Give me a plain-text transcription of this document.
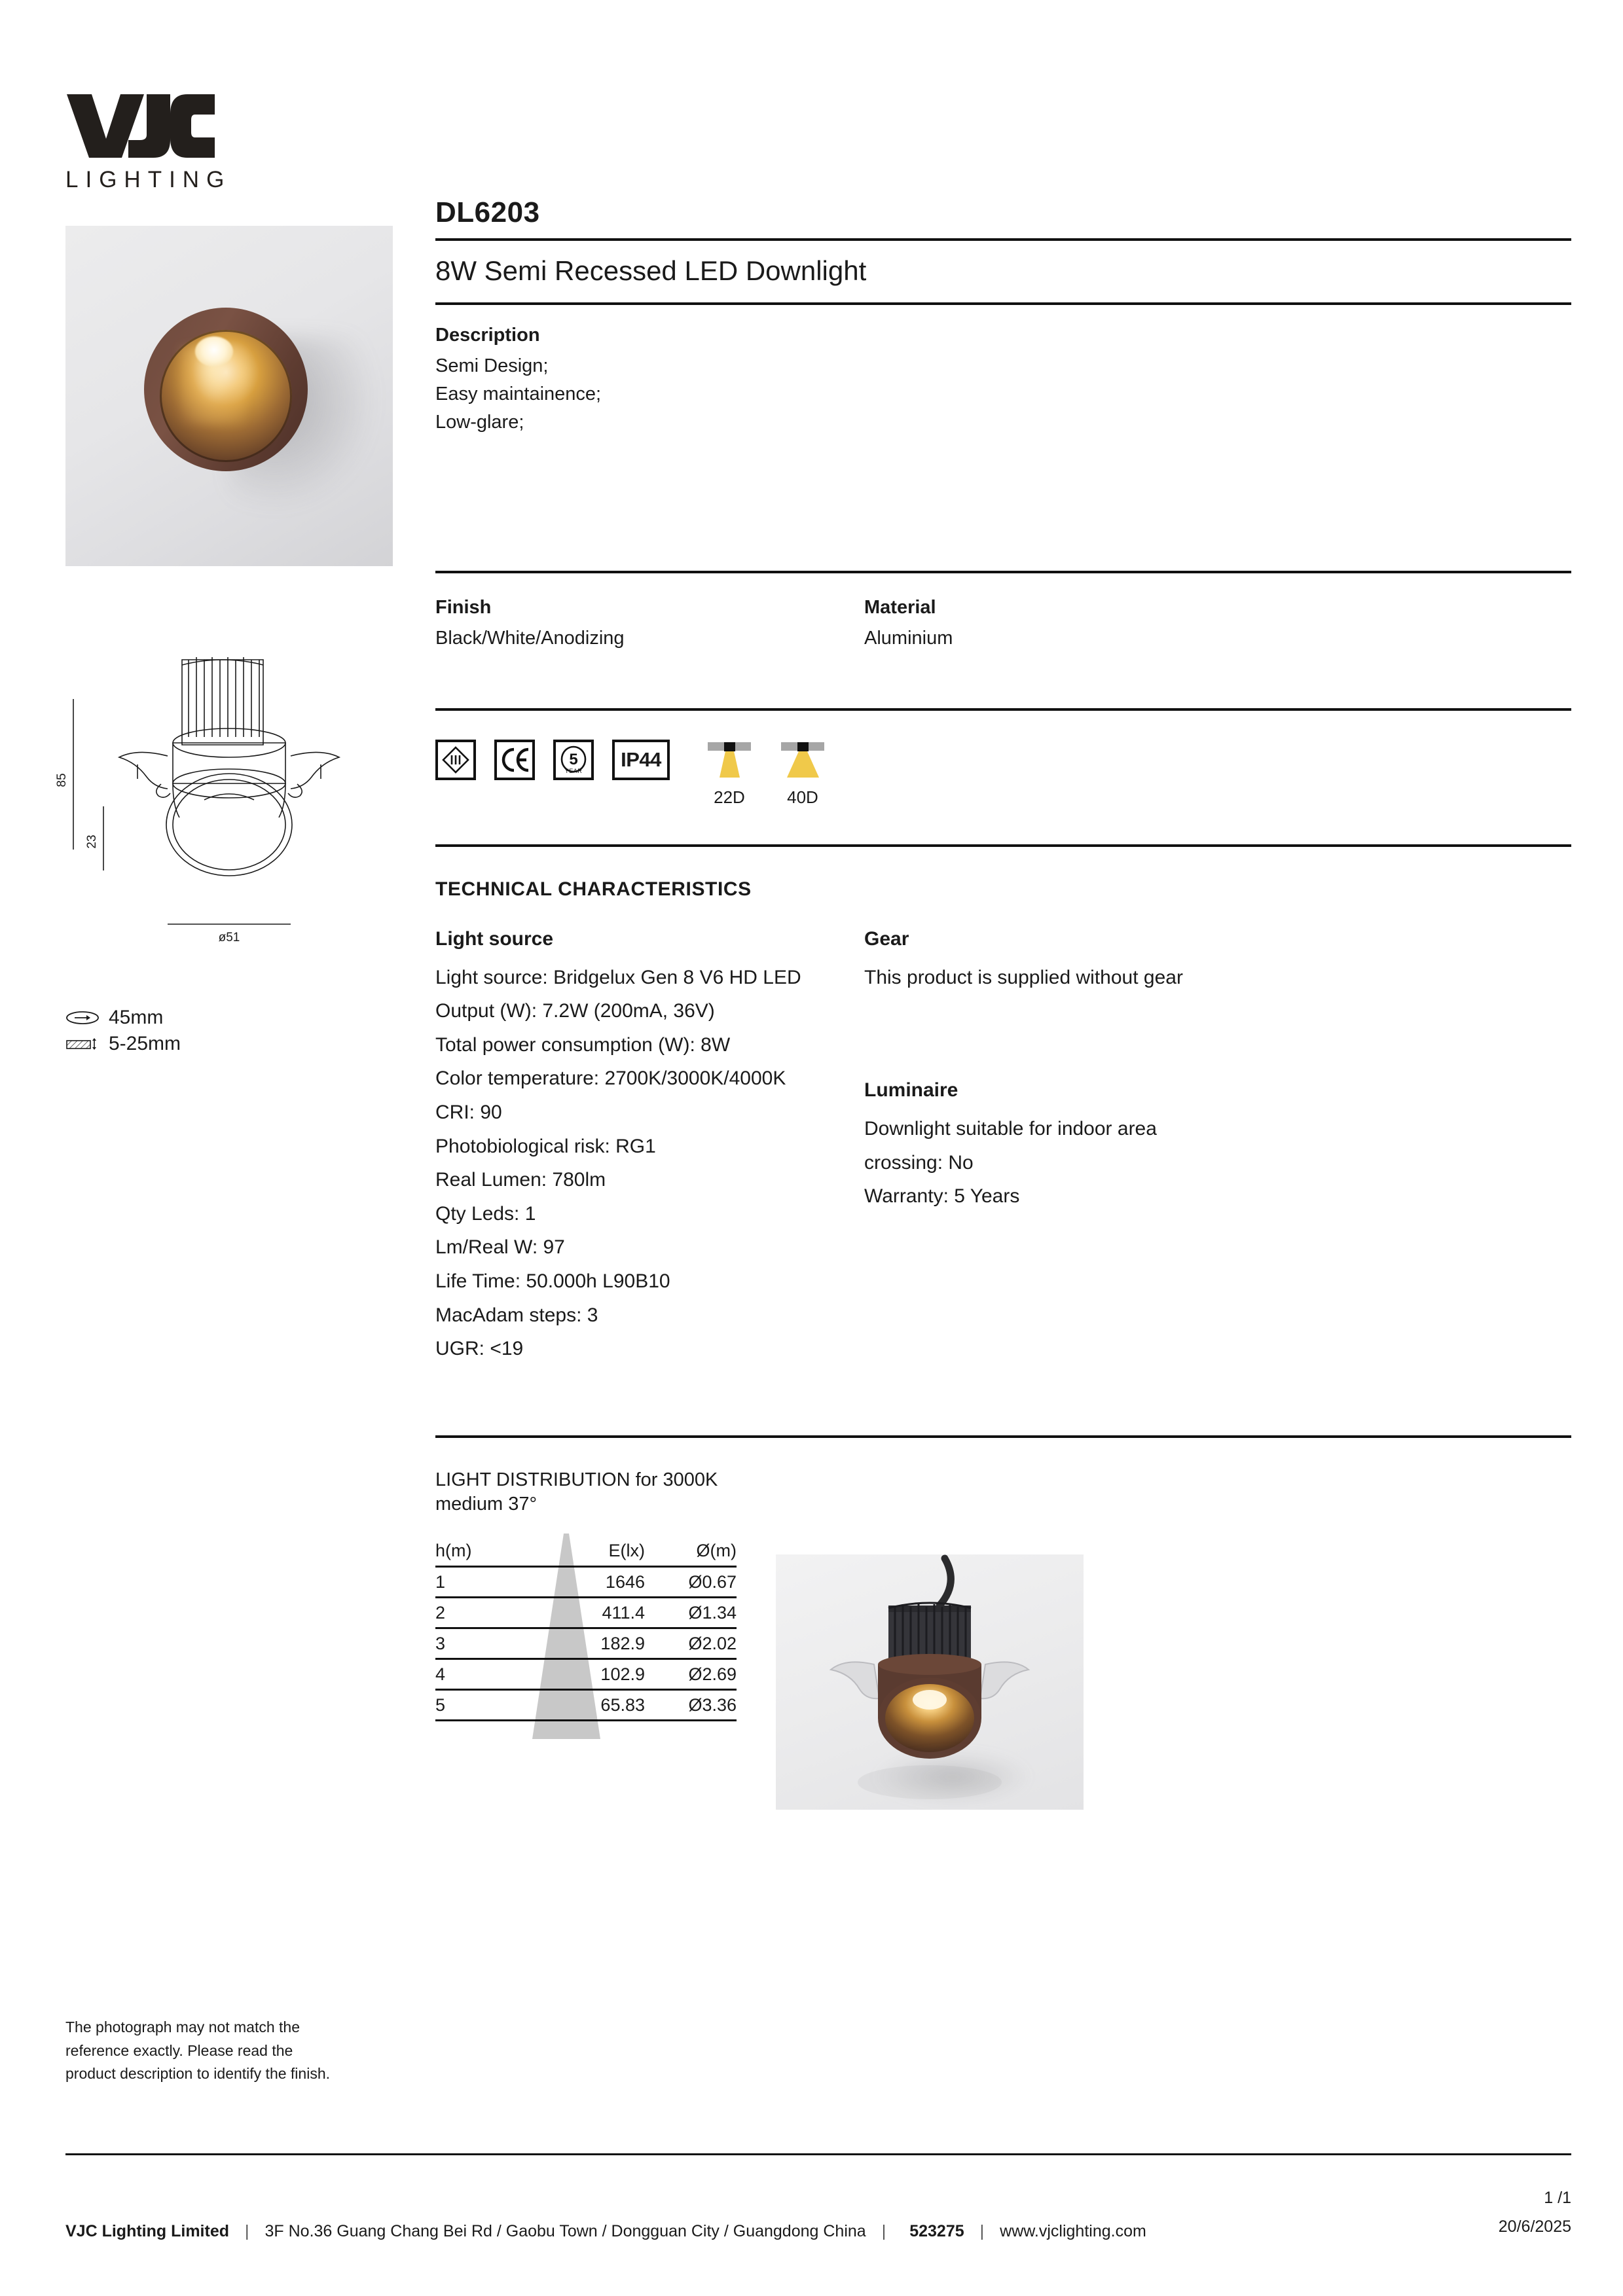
LIGHTING
85
23
ø51
45mm
5-25mm
The photograph may not match the reference exactly. Please read the product description to identify the finish.
DL6203
8W Semi Recessed LED Downlight
Description
Semi Design;
Easy maintainence;
Low-glare;
Finish
Black/White/Anodizing
Material
Aluminium
5
YEAR	IP44
22D	40D
TECHNICAL CHARACTERISTICS
Light source
Light source: Bridgelux Gen 8 V6 HD LED
Output (W): 7.2W (200mA, 36V)
Total power consumption (W): 8W
Color temperature: 2700K/3000K/4000K
CRI: 90
Photobiological risk: RG1
Real Lumen: 780lm
Qty Leds: 1
Lm/Real W: 97
Life Time: 50.000h L90B10
MacAdam steps: 3
UGR: <19
Gear
This product is supplied without gear
Luminaire
Downlight suitable for indoor area
crossing: No
Warranty: 5 Years
LIGHT DISTRIBUTION for 3000K
medium 37°
h(m)	E(lx)	Ø(m)
1	1646	Ø0.67
2	411.4	Ø1.34
3	182.9	Ø2.02
4	102.9	Ø2.69
5	65.83	Ø3.36
VJC Lighting Limited | 3F No.36 Guang Chang Bei Rd / Gaobu Town / Dongguan City / Guangdong China | 523275 | www.vjclighting.com
1 /1
20/6/2025
